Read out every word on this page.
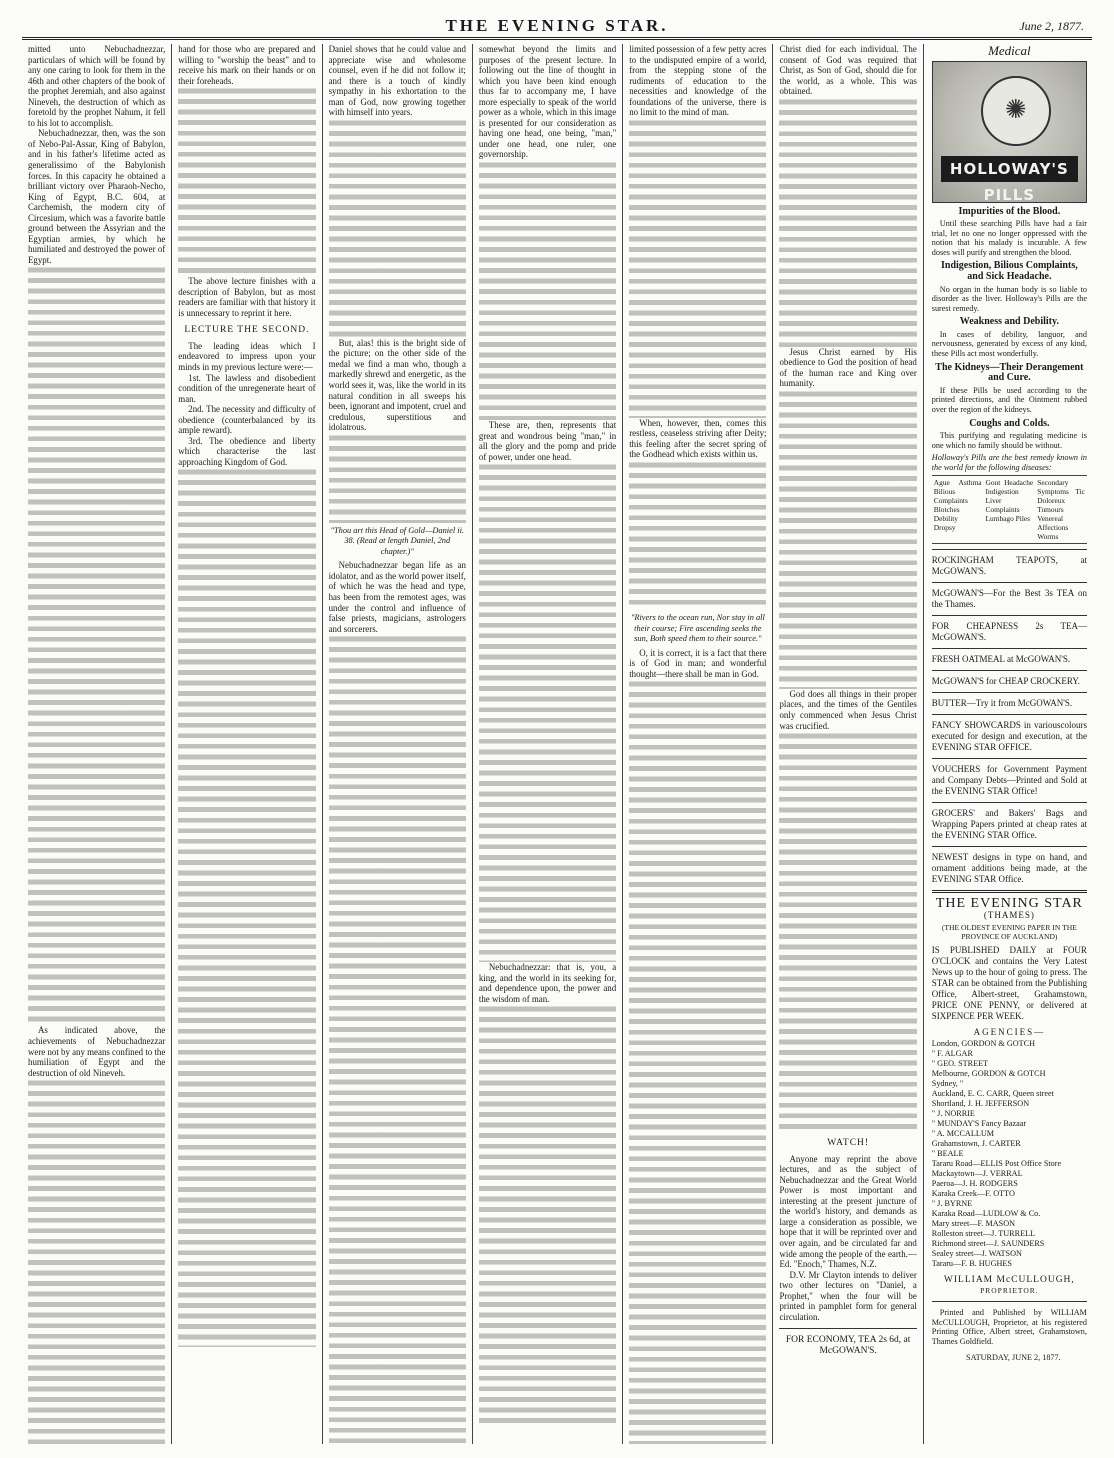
THE EVENING STAR.	June 2, 1877.

mitted unto Nebuchadnezzar, particulars of which will be found by any one caring to look for them in the 46th and other chapters of the book of the prophet Jeremiah, and also against Nineveh, the destruction of which as foretold by the prophet Nahum, it fell to his lot to accomplish.

Nebuchadnezzar, then, was the son of Nebo-Pal-Assar, King of Babylon, and in his father's lifetime acted as generalissimo of the Babylonish forces. In this capacity he obtained a brilliant victory over Pharaoh-Necho, King of Egypt, B.C. 604, at Carchemish, the modern city of Circesium, which was a favorite battle ground between the Assyrian and the Egyptian armies, by which he humiliated and destroyed the power of Egypt.

As indicated above, the achievements of Nebuchadnezzar were not by any means confined to the humiliation of Egypt and the destruction of old Nineveh.

hand for those who are prepared and willing to "worship the beast" and to receive his mark on their hands or on their foreheads.

The above lecture finishes with a description of Babylon, but as most readers are familiar with that history it is unnecessary to reprint it here.

LECTURE THE SECOND.

The leading ideas which I endeavored to impress upon your minds in my previous lecture were:—

1st. The lawless and disobedient condition of the unregenerate heart of man.

2nd. The necessity and difficulty of obedience (counterbalanced by its ample reward).

3rd. The obedience and liberty which characterise the last approaching Kingdom of God.

Daniel shows that he could value and appreciate wise and wholesome counsel, even if he did not follow it; and there is a touch of kindly sympathy in his exhortation to the man of God, now growing together with himself into years.

But, alas! this is the bright side of the picture; on the other side of the medal we find a man who, though a markedly shrewd and energetic, as the world sees it, was, like the world in its natural condition in all sweeps his been, ignorant and impotent, cruel and credulous, superstitious and idolatrous.

"Thou art this Head of Gold—Daniel ii. 38. (Read at length Daniel, 2nd chapter.)"

Nebuchadnezzar began life as an idolator, and as the world power itself, of which he was the head and type, has been from the remotest ages, was under the control and influence of false priests, magicians, astrologers and sorcerers.

somewhat beyond the limits and purposes of the present lecture. In following out the line of thought in which you have been kind enough thus far to accompany me, I have more especially to speak of the world power as a whole, which in this image is presented for our consideration as having one head, one being, "man," under one head, one ruler, one governorship.

These are, then, represents that great and wondrous being "man," in all the glory and the pomp and pride of power, under one head.

Nebuchadnezzar: that is, you, a king, and the world in its seeking for, and dependence upon, the power and the wisdom of man.

limited possession of a few petty acres to the undisputed empire of a world, from the stepping stone of the rudiments of education to the necessities and knowledge of the foundations of the universe, there is no limit to the mind of man.

When, however, then, comes this restless, ceaseless striving after Deity; this feeling after the secret spring of the Godhead which exists within us.

"Rivers to the ocean run, Nor stay in all their course; Fire ascending seeks the sun, Both speed them to their source."

O, it is correct, it is a fact that there is of God in man; and wonderful thought—there shall be man in God.

Christ died for each individual. The consent of God was required that Christ, as Son of God, should die for the world, as a whole. This was obtained.

Jesus Christ earned by His obedience to God the position of head of the human race and King over humanity.

God does all things in their proper places, and the times of the Gentiles only commenced when Jesus Christ was crucified.

WATCH!

Anyone may reprint the above lectures, and as the subject of Nebuchadnezzar and the Great World Power is most important and interesting at the present juncture of the world's history, and demands as large a consideration as possible, we hope that it will be reprinted over and over again, and be circulated far and wide among the people of the earth.—Ed. "Enoch," Thames, N.Z.

D.V. Mr Clayton intends to deliver two other lectures on "Daniel, a Prophet," when the four will be printed in pamphlet form for general circulation.

FOR ECONOMY, TEA 2s 6d, at McGOWAN'S.

Medical
✺
HOLLOWAY'S PILLS
Impurities of the Blood.

Until these searching Pills have had a fair trial, let no one no longer oppressed with the notion that his malady is incurable. A few doses will purify and strengthen the blood.

Indigestion, Bilious Complaints, and Sick Headache.

No organ in the human body is so liable to disorder as the liver. Holloway's Pills are the surest remedy.

Weakness and Debility.

In cases of debility, languor, and nervousness, generated by excess of any kind, these Pills act most wonderfully.

The Kidneys—Their Derangement and Cure.

If these Pills be used according to the printed directions, and the Ointment rubbed over the region of the kidneys.

Coughs and Colds.

This purifying and regulating medicine is one which no family should be without.

Holloway's Pills are the best remedy known in the world for the following diseases:

Ague Asthma Bilious Complaints Blotches Debility Dropsy
Gout Headache Indigestion Liver Complaints Lumbago Piles
Secondary Symptoms Tic Doloreux Tumours Venereal Affections Worms

ROCKINGHAM TEAPOTS, at McGOWAN'S.

McGOWAN'S—For the Best 3s TEA on the Thames.

FOR CHEAPNESS 2s TEA— McGOWAN'S.

FRESH OATMEAL at McGOWAN'S.

McGOWAN'S for CHEAP CROCKERY.

BUTTER—Try it from McGOWAN'S.

FANCY SHOWCARDS in variouscolours executed for design and execution, at the EVENING STAR OFFICE.

VOUCHERS for Government Payment and Company Debts—Printed and Sold at the EVENING STAR Office!

GROCERS' and Bakers' Bags and Wrapping Papers printed at cheap rates at the EVENING STAR Office.

NEWEST designs in type on hand, and ornament additions being made, at the EVENING STAR Office.

THE EVENING STAR
(THAMES)
(THE OLDEST EVENING PAPER IN THE PROVINCE OF AUCKLAND)

IS PUBLISHED DAILY at FOUR O'CLOCK and contains the Very Latest News up to the hour of going to press. The STAR can be obtained from the Publishing Office, Albert-street, Grahamstown, PRICE ONE PENNY, or delivered at SIXPENCE PER WEEK.

AGENCIES—
London, GORDON & GOTCH
" F. ALGAR
" GEO. STREET
Melbourne, GORDON & GOTCH
Sydney, "
Auckland, E. C. CARR, Queen street
Shortland, J. H. JEFFERSON
" J. NORRIE
" MUNDAY'S Fancy Bazaar
" A. MCCALLUM
Grahamstown, J. CARTER
" BEALE
Tararu Road—ELLIS Post Office Store
Mackaytown—J. VERRAL
Paeroa—J. H. RODGERS
Karaka Creek—F. OTTO
" J. BYRNE
Karaka Road—LUDLOW & Co.
Mary street—F. MASON
Rolleston street—J. TURRELL
Richmond street—J. SAUNDERS
Sealey street—J. WATSON
Tararu—F. B. HUGHES
WILLIAM McCULLOUGH,
PROPRIETOR.

Printed and Published by WILLIAM McCULLOUGH, Proprietor, at his registered Printing Office, Albert street, Grahamstown, Thames Goldfield.

SATURDAY, JUNE 2, 1877.
